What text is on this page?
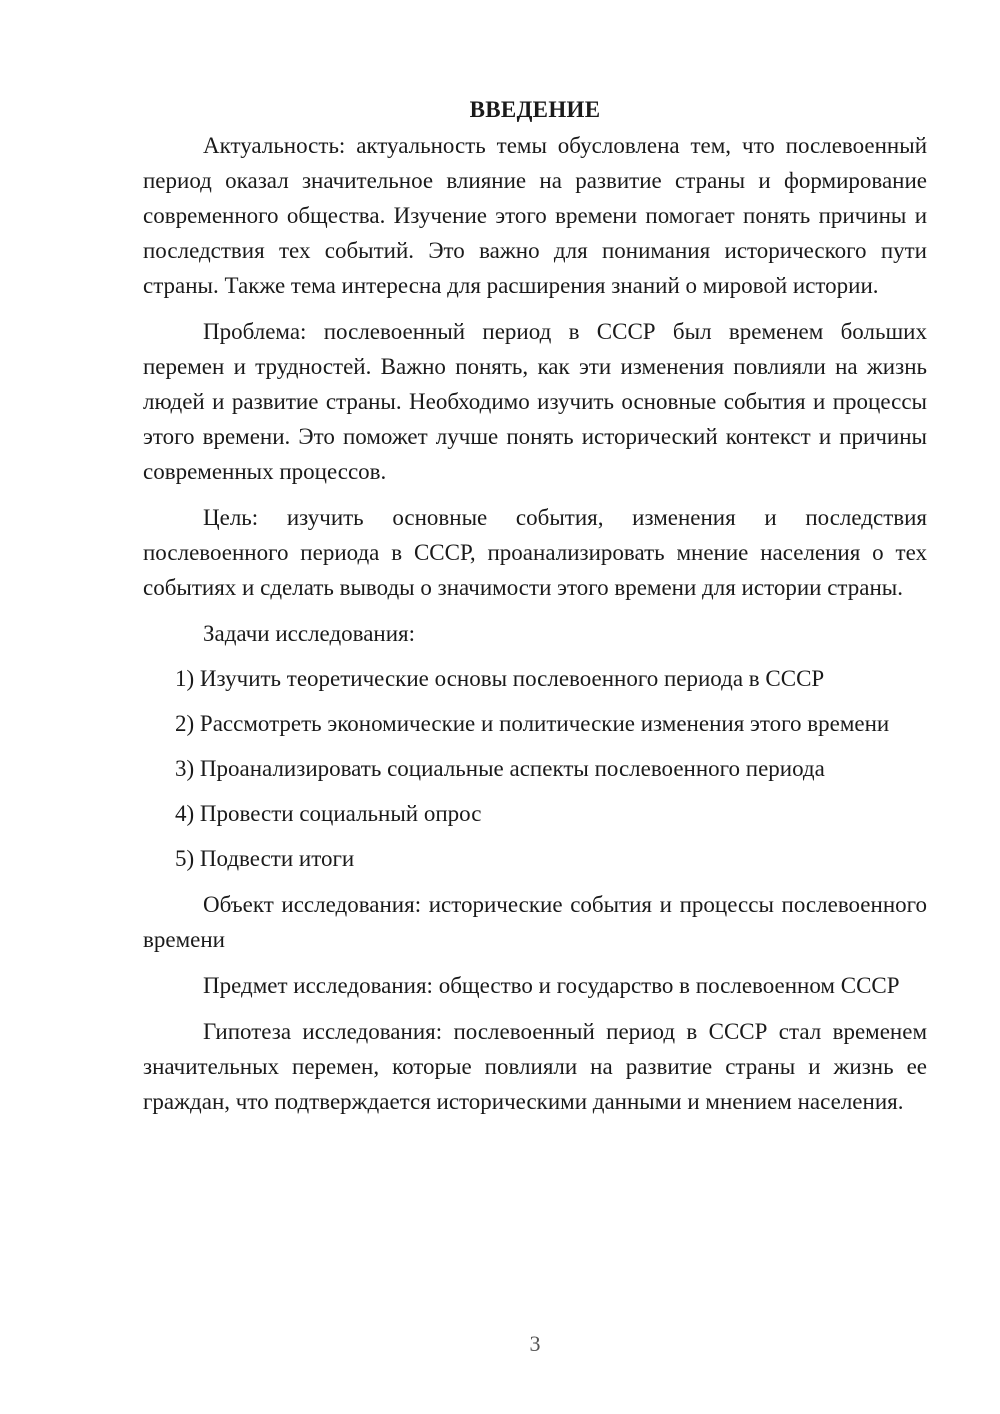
ВВЕДЕНИЕ

Актуальность: актуальность темы обусловлена тем, что послевоенный период оказал значительное влияние на развитие страны и формирование современного общества. Изучение этого времени помогает понять причины и последствия тех событий. Это важно для понимания исторического пути страны. Также тема интересна для расширения знаний о мировой истории.

Проблема: послевоенный период в СССР был временем больших перемен и трудностей. Важно понять, как эти изменения повлияли на жизнь людей и развитие страны. Необходимо изучить основные события и процессы этого времени. Это поможет лучше понять исторический контекст и причины современных процессов.

Цель: изучить основные события, изменения и последствия послевоенного периода в СССР, проанализировать мнение населения о тех событиях и сделать выводы о значимости этого времени для истории страны.

Задачи исследования:

1) Изучить теоретические основы послевоенного периода в СССР

2) Рассмотреть экономические и политические изменения этого времени

3) Проанализировать социальные аспекты послевоенного периода

4) Провести социальный опрос

5) Подвести итоги

Объект исследования: исторические события и процессы послевоенного времени

Предмет исследования: общество и государство в послевоенном СССР

Гипотеза исследования: послевоенный период в СССР стал временем значительных перемен, которые повлияли на развитие страны и жизнь ее граждан, что подтверждается историческими данными и мнением населения.

3
